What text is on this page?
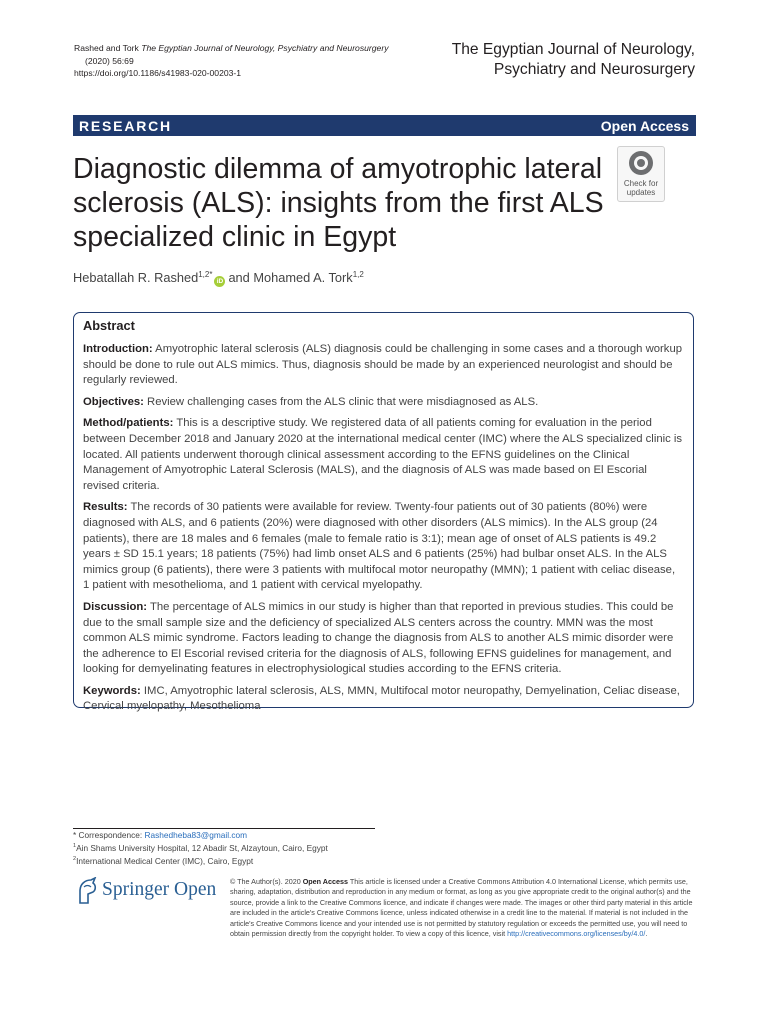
Rashed and Tork The Egyptian Journal of Neurology, Psychiatry and Neurosurgery
(2020) 56:69
https://doi.org/10.1186/s41983-020-00203-1
The Egyptian Journal of Neurology,
Psychiatry and Neurosurgery
RESEARCH	Open Access
Diagnostic dilemma of amyotrophic lateral
sclerosis (ALS): insights from the first ALS
specialized clinic in Egypt
Check for
updates
Hebatallah R. Rashed$^{1,2*}$iD and Mohamed A. Tork$^{1,2}$
Abstract

Introduction: Amyotrophic lateral sclerosis (ALS) diagnosis could be challenging in some cases and a thorough workup should be done to rule out ALS mimics. Thus, diagnosis should be made by an experienced neurologist and should be regularly reviewed.

Objectives: Review challenging cases from the ALS clinic that were misdiagnosed as ALS.

Method/patients: This is a descriptive study. We registered data of all patients coming for evaluation in the period between December 2018 and January 2020 at the international medical center (IMC) where the ALS specialized clinic is located. All patients underwent thorough clinical assessment according to the EFNS guidelines on the Clinical Management of Amyotrophic Lateral Sclerosis (MALS), and the diagnosis of ALS was made based on El Escorial revised criteria.

Results: The records of 30 patients were available for review. Twenty-four patients out of 30 patients (80%) were diagnosed with ALS, and 6 patients (20%) were diagnosed with other disorders (ALS mimics). In the ALS group (24 patients), there are 18 males and 6 females (male to female ratio is 3:1); mean age of onset of ALS patients is 49.2 years ± SD 15.1 years; 18 patients (75%) had limb onset ALS and 6 patients (25%) had bulbar onset ALS. In the ALS mimics group (6 patients), there were 3 patients with multifocal motor neuropathy (MMN); 1 patient with celiac disease, 1 patient with mesothelioma, and 1 patient with cervical myelopathy.

Discussion: The percentage of ALS mimics in our study is higher than that reported in previous studies. This could be due to the small sample size and the deficiency of specialized ALS centers across the country. MMN was the most common ALS mimic syndrome. Factors leading to change the diagnosis from ALS to another ALS mimic disorder were the adherence to El Escorial revised criteria for the diagnosis of ALS, following EFNS guidelines for management, and looking for demyelinating features in electrophysiological studies according to the EFNS criteria.

Keywords: IMC, Amyotrophic lateral sclerosis, ALS, MMN, Multifocal motor neuropathy, Demyelination, Celiac disease, Cervical myelopathy, Mesothelioma

* Correspondence: Rashedheba83@gmail.com
$^1$Ain Shams University Hospital, 12 Abadir St, Alzaytoun, Cairo, Egypt
$^2$International Medical Center (IMC), Cairo, Egypt
Springer Open © The Author(s). 2020 Open Access This article is licensed under a Creative Commons Attribution 4.0 International License, which permits use, sharing, adaptation, distribution and reproduction in any medium or format, as long as you give appropriate credit to the original author(s) and the source, provide a link to the Creative Commons licence, and indicate if changes were made. The images or other third party material in this article are included in the article's Creative Commons licence, unless indicated otherwise in a credit line to the material. If material is not included in the article's Creative Commons licence and your intended use is not permitted by statutory regulation or exceeds the permitted use, you will need to obtain permission directly from the copyright holder. To view a copy of this licence, visit http://creativecommons.org/licenses/by/4.0/.
